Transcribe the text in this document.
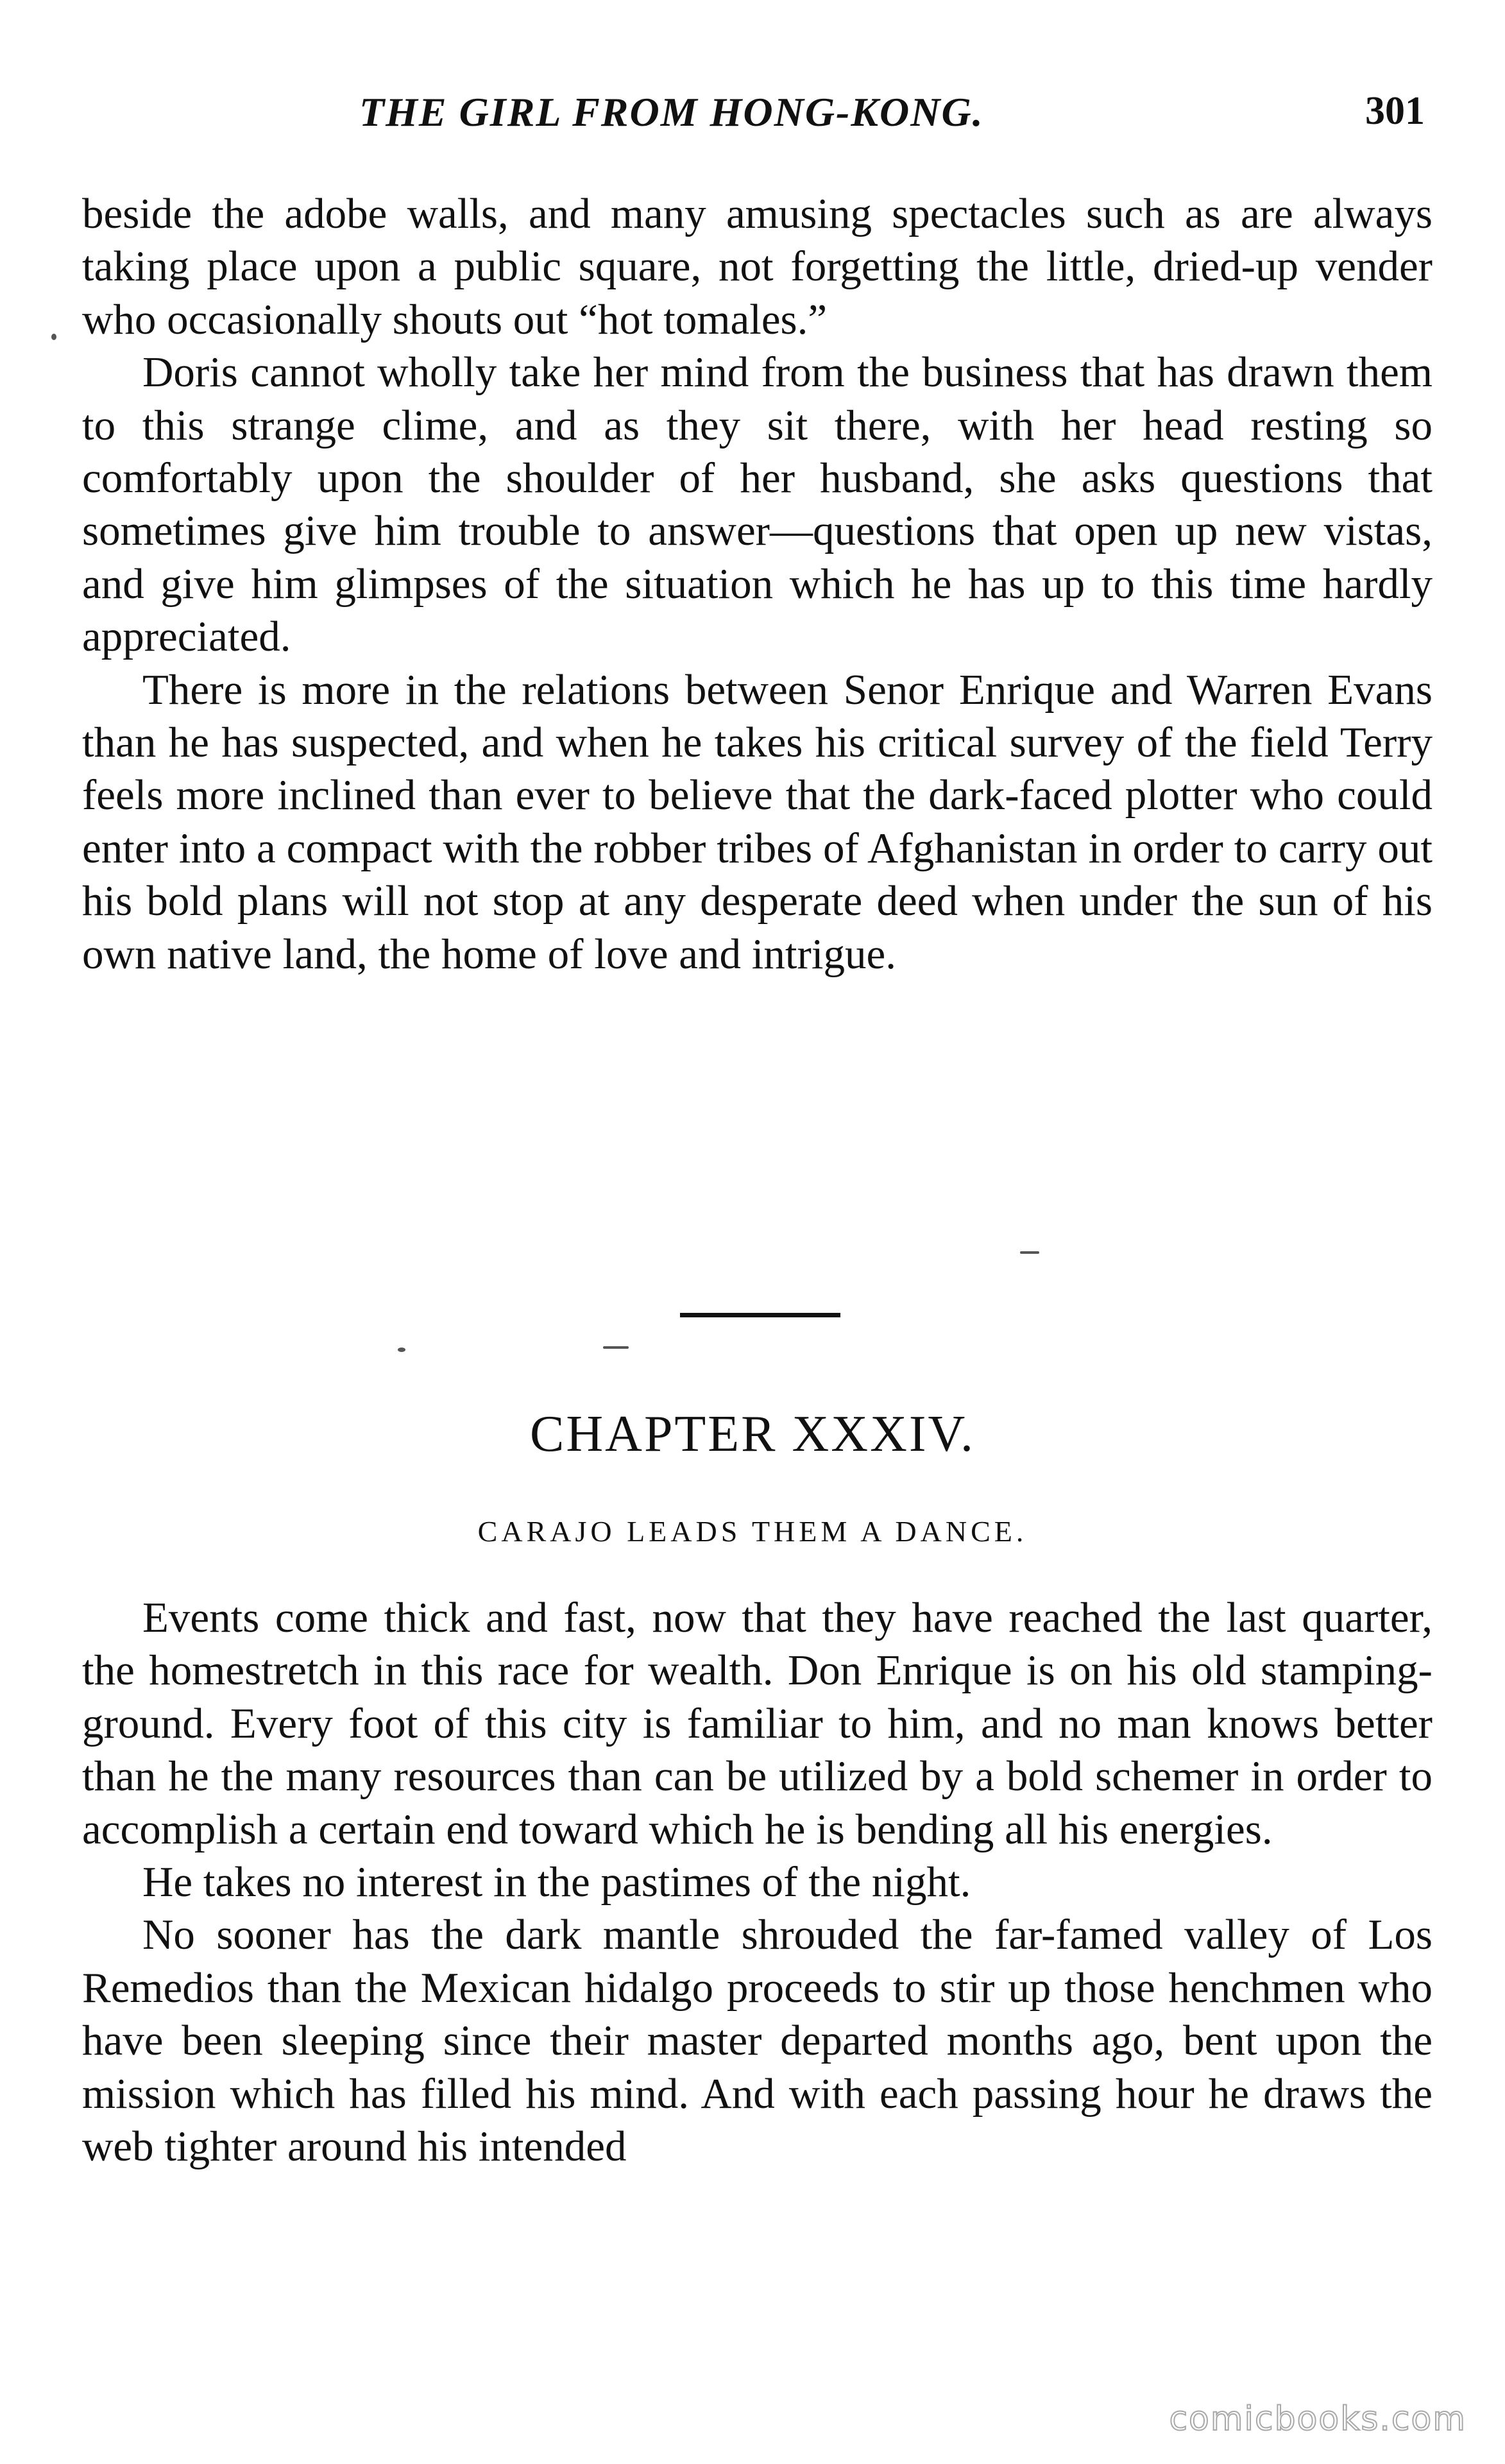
THE GIRL FROM HONG-KONG.	301

beside the adobe walls, and many amusing spectacles such as are always taking place upon a public square, not forgetting the little, dried-up vender who occasionally shouts out “hot tomales.”

Doris cannot wholly take her mind from the business that has drawn them to this strange clime, and as they sit there, with her head resting so comfortably upon the shoulder of her husband, she asks questions that sometimes give him trouble to answer—questions that open up new vistas, and give him glimpses of the situation which he has up to this time hardly appreciated.

There is more in the relations between Senor Enrique and Warren Evans than he has suspected, and when he takes his critical survey of the field Terry feels more inclined than ever to believe that the dark-faced plotter who could enter into a compact with the robber tribes of Afghanistan in order to carry out his bold plans will not stop at any desperate deed when under the sun of his own native land, the home of love and intrigue.

CHAPTER XXXIV.
CARAJO LEADS THEM A DANCE.

Events come thick and fast, now that they have reached the last quarter, the homestretch in this race for wealth. Don Enrique is on his old stamping-ground. Every foot of this city is familiar to him, and no man knows better than he the many resources than can be utilized by a bold schemer in order to accomplish a certain end toward which he is bending all his energies.

He takes no interest in the pastimes of the night.

No sooner has the dark mantle shrouded the far-famed valley of Los Remedios than the Mexican hidalgo proceeds to stir up those henchmen who have been sleeping since their master departed months ago, bent upon the mission which has filled his mind. And with each passing hour he draws the web tighter around his intended

comicbooks.com
